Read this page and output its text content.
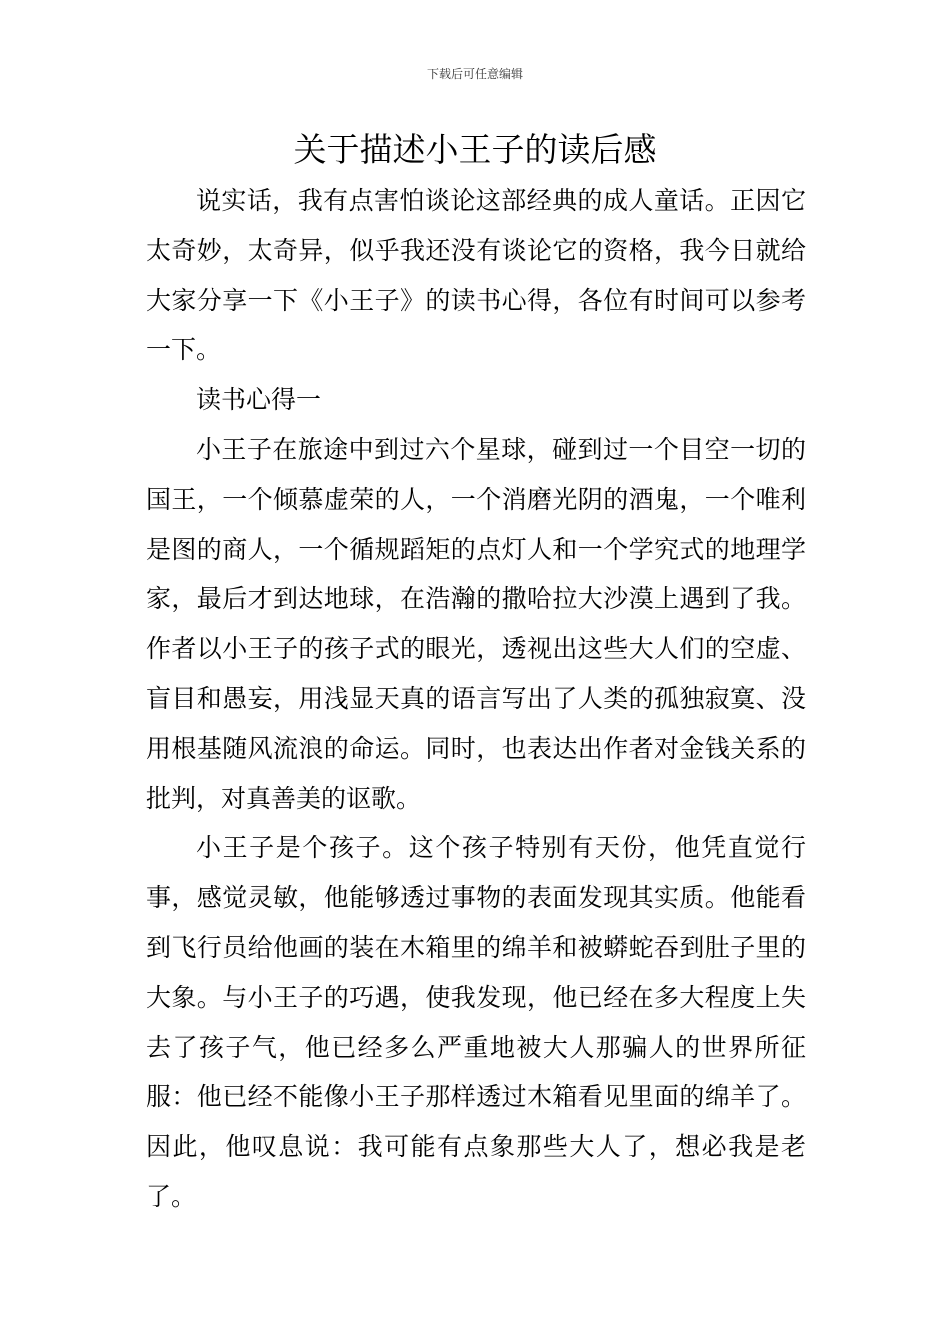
下载后可任意编辑
关于描述小王子的读后感

说实话，我有点害怕谈论这部经典的成人童话。正因它太奇妙，太奇异，似乎我还没有谈论它的资格，我今日就给大家分享一下《小王子》的读书心得，各位有时间可以参考一下。

读书心得一

小王子在旅途中到过六个星球，碰到过一个目空一切的国王，一个倾慕虚荣的人，一个消磨光阴的酒鬼，一个唯利是图的商人，一个循规蹈矩的点灯人和一个学究式的地理学家，最后才到达地球，在浩瀚的撒哈拉大沙漠上遇到了我。作者以小王子的孩子式的眼光，透视出这些大人们的空虚、盲目和愚妄，用浅显天真的语言写出了人类的孤独寂寞、没用根基随风流浪的命运。同时，也表达出作者对金钱关系的批判，对真善美的讴歌。

小王子是个孩子。这个孩子特别有天份，他凭直觉行事，感觉灵敏，他能够透过事物的表面发现其实质。他能看到飞行员给他画的装在木箱里的绵羊和被蟒蛇吞到肚子里的大象。与小王子的巧遇，使我发现，他已经在多大程度上失去了孩子气，他已经多么严重地被大人那骗人的世界所征服：他已经不能像小王子那样透过木箱看见里面的绵羊了。因此，他叹息说：我可能有点象那些大人了，想必我是老了。
